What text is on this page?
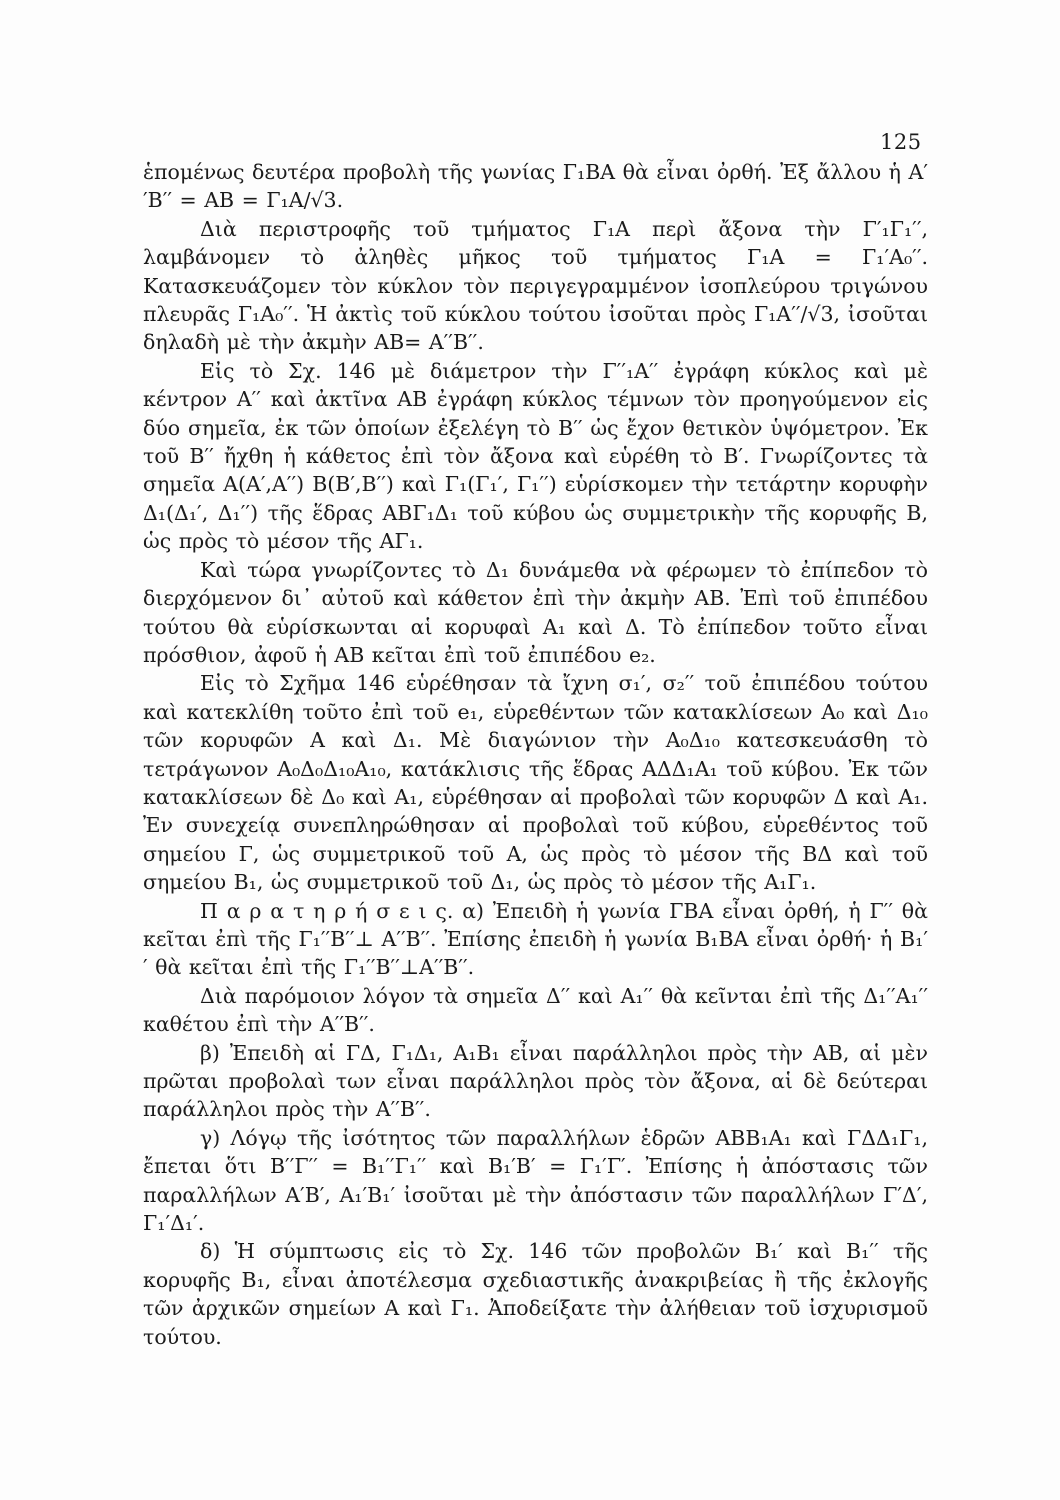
125

ἑπομένως δευτέρα προβολὴ τῆς γωνίας Γ₁ΒΑ θὰ εἶναι ὀρθή. Ἐξ ἄλλου ἡ A′′B′′ = AB = Γ₁Α/√3.

Διὰ περιστροφῆς τοῦ τμήματος Γ₁Α περὶ ἄξονα τὴν Γ′₁Γ₁′′, λαμβάνομεν τὸ ἀληθὲς μῆκος τοῦ τμήματος Γ₁Α = Γ₁′Α₀′′. Κατασκευάζομεν τὸν κύκλον τὸν περιγεγραμμένον ἰσοπλεύρου τριγώνου πλευρᾶς Γ₁Α₀′′. Ἡ ἀκτὶς τοῦ κύκλου τούτου ἰσοῦται πρὸς Γ₁Α′′/√3, ἰσοῦται δηλαδὴ μὲ τὴν ἀκμὴν AB= A′′B′′.

Εἰς τὸ Σχ. 146 μὲ διάμετρον τὴν Γ′′₁Α′′ ἐγράφη κύκλος καὶ μὲ κέντρον Α′′ καὶ ἀκτῖνα AB ἐγράφη κύκλος τέμνων τὸν προηγούμενον εἰς δύο σημεῖα, ἐκ τῶν ὁποίων ἐξελέγη τὸ Β′′ ὡς ἔχον θετικὸν ὑψόμετρον. Ἐκ τοῦ Β′′ ἤχθη ἡ κάθετος ἐπὶ τὸν ἄξονα καὶ εὑρέθη τὸ Β′. Γνωρίζοντες τὰ σημεῖα Α(Α′,Α′′) Β(Β′,Β′′) καὶ Γ₁(Γ₁′, Γ₁′′) εὑρίσκομεν τὴν τετάρτην κορυφὴν Δ₁(Δ₁′, Δ₁′′) τῆς ἕδρας ΑΒΓ₁Δ₁ τοῦ κύβου ὡς συμμετρικὴν τῆς κορυφῆς Β, ὡς πρὸς τὸ μέσον τῆς ΑΓ₁.

Καὶ τώρα γνωρίζοντες τὸ Δ₁ δυνάμεθα νὰ φέρωμεν τὸ ἐπίπεδον τὸ διερχόμενον δι᾿ αὐτοῦ καὶ κάθετον ἐπὶ τὴν ἀκμὴν ΑΒ. Ἐπὶ τοῦ ἐπιπέδου τούτου θὰ εὑρίσκωνται αἱ κορυφαὶ Α₁ καὶ Δ. Τὸ ἐπίπεδον τοῦτο εἶναι πρόσθιον, ἀφοῦ ἡ ΑΒ κεῖται ἐπὶ τοῦ ἐπιπέδου e₂.

Εἰς τὸ Σχῆμα 146 εὑρέθησαν τὰ ἴχνη σ₁′, σ₂′′ τοῦ ἐπιπέδου τούτου καὶ κατεκλίθη τοῦτο ἐπὶ τοῦ e₁, εὑρεθέντων τῶν κατακλίσεων Α₀ καὶ Δ₁₀ τῶν κορυφῶν Α καὶ Δ₁. Μὲ διαγώνιον τὴν Α₀Δ₁₀ κατεσκευάσθη τὸ τετράγωνον Α₀Δ₀Δ₁₀Α₁₀, κατάκλισις τῆς ἕδρας ΑΔΔ₁Α₁ τοῦ κύβου. Ἐκ τῶν κατακλίσεων δὲ Δ₀ καὶ Α₁, εὑρέθησαν αἱ προβολαὶ τῶν κορυφῶν Δ καὶ Α₁. Ἐν συνεχείᾳ συνεπληρώθησαν αἱ προβολαὶ τοῦ κύβου, εὑρεθέντος τοῦ σημείου Γ, ὡς συμμετρικοῦ τοῦ Α, ὡς πρὸς τὸ μέσον τῆς ΒΔ καὶ τοῦ σημείου Β₁, ὡς συμμετρικοῦ τοῦ Δ₁, ὡς πρὸς τὸ μέσον τῆς Α₁Γ₁.

Π α ρ α τ η ρ ή σ ε ι ς. α) Ἐπειδὴ ἡ γωνία ΓΒΑ εἶναι ὀρθή, ἡ Γ′′ θὰ κεῖται ἐπὶ τῆς Γ₁′′Β′′⊥ Α′′Β′′. Ἐπίσης ἐπειδὴ ἡ γωνία Β₁ΒΑ εἶναι ὀρθή· ἡ Β₁′′ θὰ κεῖται ἐπὶ τῆς Γ₁′′Β′′⊥Α′′Β′′.

Διὰ παρόμοιον λόγον τὰ σημεῖα Δ′′ καὶ Α₁′′ θὰ κεῖνται ἐπὶ τῆς Δ₁′′Α₁′′ καθέτου ἐπὶ τὴν Α′′Β′′.

β) Ἐπειδὴ αἱ ΓΔ, Γ₁Δ₁, Α₁Β₁ εἶναι παράλληλοι πρὸς τὴν ΑΒ, αἱ μὲν πρῶται προβολαὶ των εἶναι παράλληλοι πρὸς τὸν ἄξονα, αἱ δὲ δεύτεραι παράλληλοι πρὸς τὴν Α′′Β′′.

γ) Λόγῳ τῆς ἰσότητος τῶν παραλλήλων ἑδρῶν ΑΒΒ₁Α₁ καὶ ΓΔΔ₁Γ₁, ἔπεται ὅτι Β′′Γ′′ = Β₁′′Γ₁′′ καὶ Β₁′Β′ = Γ₁′Γ′. Ἐπίσης ἡ ἀπόστασις τῶν παραλλήλων Α′Β′, Α₁′Β₁′ ἰσοῦται μὲ τὴν ἀπόστασιν τῶν παραλλήλων Γ′Δ′, Γ₁′Δ₁′.

δ) Ἡ σύμπτωσις εἰς τὸ Σχ. 146 τῶν προβολῶν Β₁′ καὶ Β₁′′ τῆς κορυφῆς Β₁, εἶναι ἀποτέλεσμα σχεδιαστικῆς ἀνακριβείας ἢ τῆς ἐκλογῆς τῶν ἀρχικῶν σημείων Α καὶ Γ₁. Ἀποδείξατε τὴν ἀλήθειαν τοῦ ἰσχυρισμοῦ τούτου.
